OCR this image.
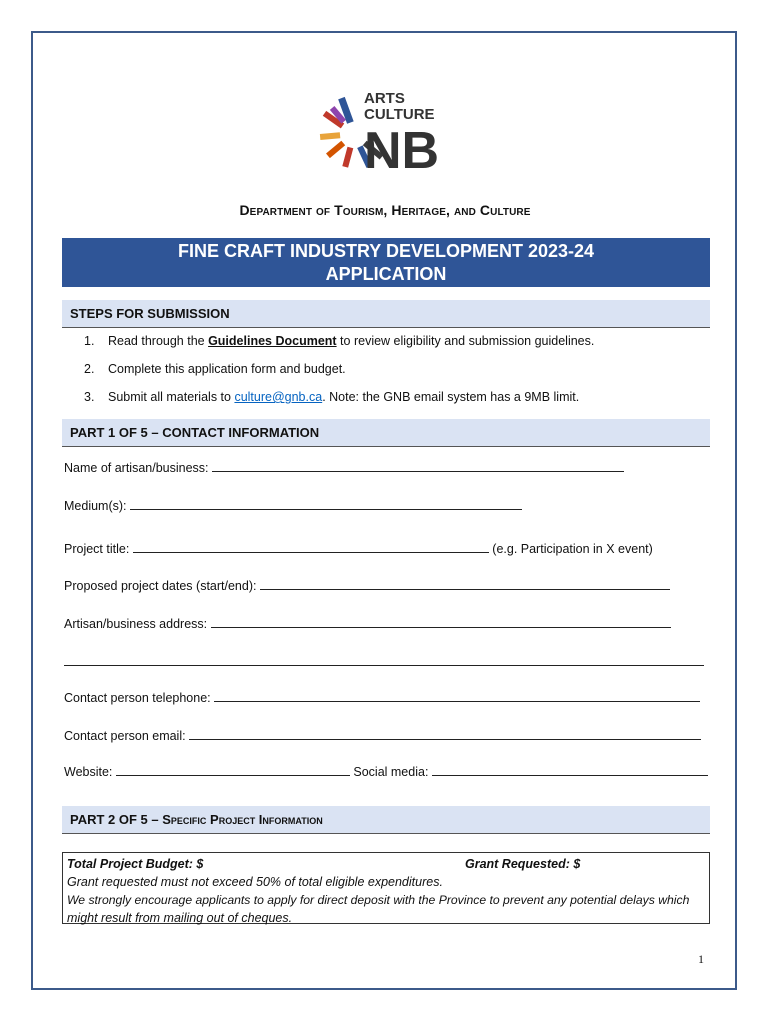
ARTS
CULTURE
NB
Department of Tourism, Heritage, and Culture
FINE CRAFT INDUSTRY DEVELOPMENT 2023-24
APPLICATION
STEPS FOR SUBMISSION
1. Read through the Guidelines Document to review eligibility and submission guidelines.
2. Complete this application form and budget.
3. Submit all materials to culture@gnb.ca. Note: the GNB email system has a 9MB limit.
PART 1 OF 5 – CONTACT INFORMATION
Name of artisan/business:
Medium(s):
Project title:	(e.g. Participation in X event)
Proposed project dates (start/end):
Artisan/business address:
Contact person telephone:
Contact person email:
Website:	Social media:
PART 2 OF 5 – Specific Project Information
Total Project Budget: $	Grant Requested: $
Grant requested must not exceed 50% of total eligible expenditures.
We strongly encourage applicants to apply for direct deposit with the Province to prevent any potential delays which
might result from mailing out of cheques.
1
